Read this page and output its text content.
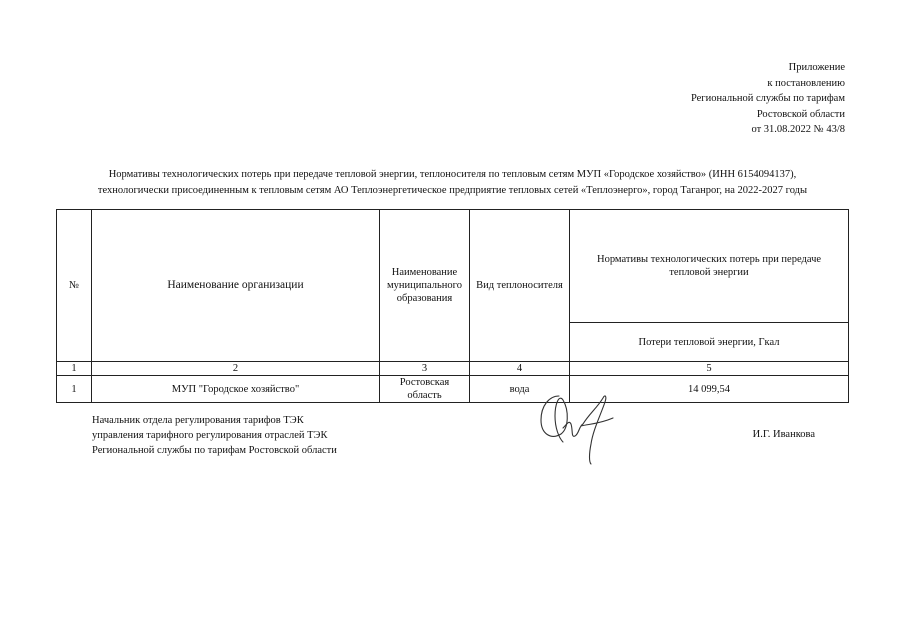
Приложение
к постановлению
Региональной службы по тарифам
Ростовской области
от 31.08.2022 № 43/8
Нормативы технологических потерь при передаче тепловой энергии, теплоносителя по тепловым сетям МУП «Городское хозяйство» (ИНН 6154094137),
технологически присоединенным к тепловым сетям АО Теплоэнергетическое предприятие тепловых сетей «Теплоэнерго», город Таганрог, на 2022-2027 годы
№	Наименование организации	Наименование муниципального образования	Вид теплоносителя	Нормативы технологических потерь при передаче тепловой энергии
				Потери тепловой энергии, Гкал
1	2	3	4	5
1	МУП "Городское хозяйство"	Ростовская область	вода	14 099,54
Начальник отдела регулирования тарифов ТЭК
управления тарифного регулирования отраслей ТЭК
Региональной службы по тарифам Ростовской области
И.Г. Иванкова
